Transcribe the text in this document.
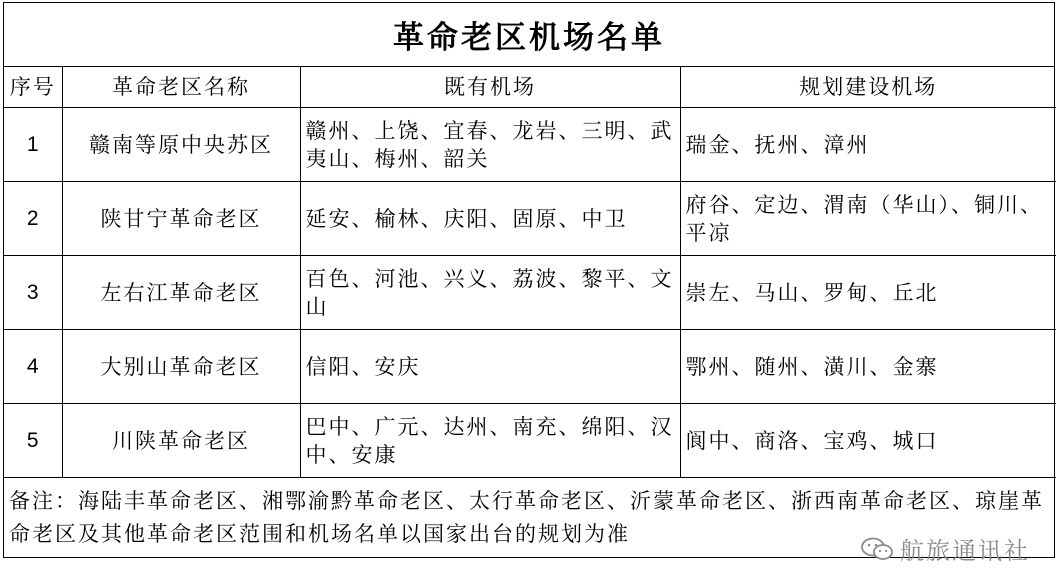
革命老区机场名单
序号	革命老区名称	既有机场	规划建设机场
1	赣南等原中央苏区	赣州、上饶、宜春、龙岩、三明、武夷山、梅州、韶关	瑞金、抚州、漳州
2	陕甘宁革命老区	延安、榆林、庆阳、固原、中卫	府谷、定边、渭南（华山）、铜川、平凉
3	左右江革命老区	百色、河池、兴义、荔波、黎平、文山	崇左、马山、罗甸、丘北
4	大别山革命老区	信阳、安庆	鄂州、随州、潢川、金寨
5	川陕革命老区	巴中、广元、达州、南充、绵阳、汉中、安康	阆中、商洛、宝鸡、城口
备注：海陆丰革命老区、湘鄂渝黔革命老区、太行革命老区、沂蒙革命老区、浙西南革命老区、琼崖革命老区及其他革命老区范围和机场名单以国家出台的规划为准
航旅通讯社
